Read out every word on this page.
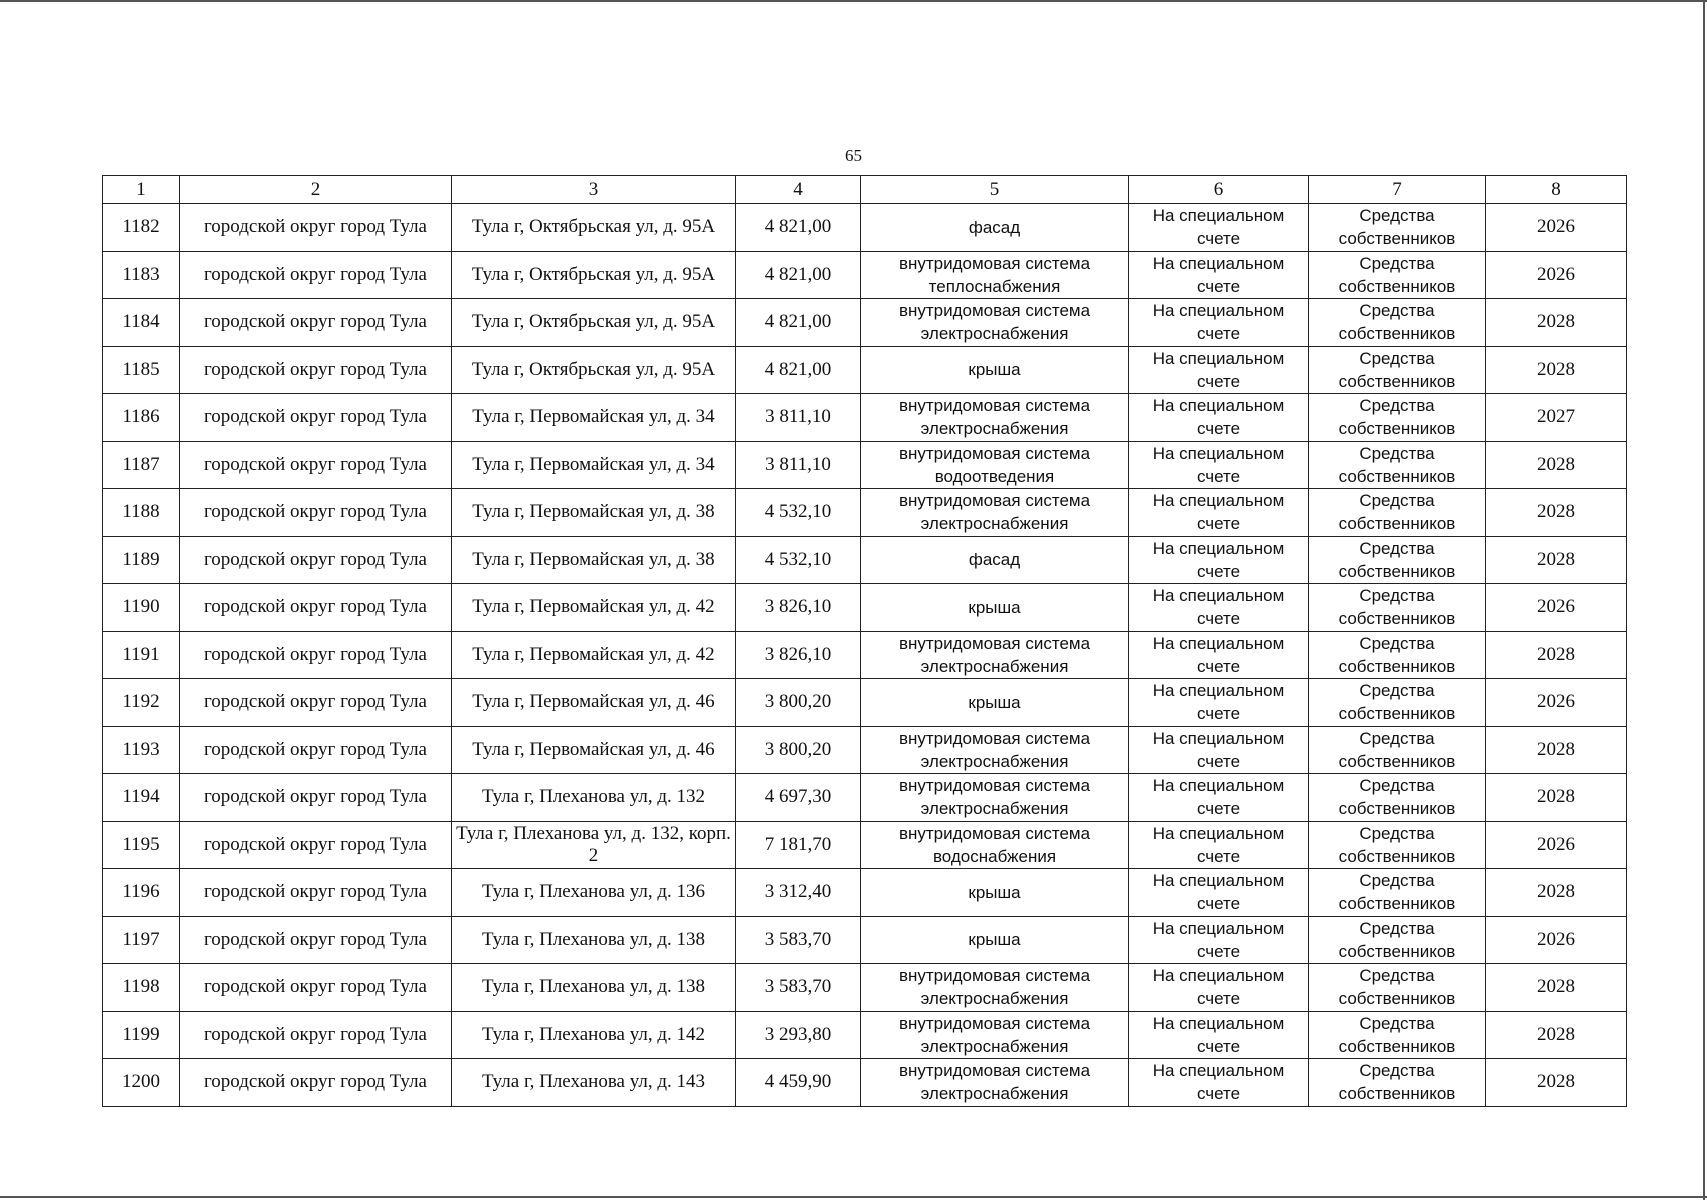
65
1	2	3	4	5	6	7	8
1182	городской округ город Тула	Тула г, Октябрьская ул, д. 95А	4 821,00	фасад	На специальном счете	Средства собственников	2026
1183	городской округ город Тула	Тула г, Октябрьская ул, д. 95А	4 821,00	внутридомовая система теплоснабжения	На специальном счете	Средства собственников	2026
1184	городской округ город Тула	Тула г, Октябрьская ул, д. 95А	4 821,00	внутридомовая система электроснабжения	На специальном счете	Средства собственников	2028
1185	городской округ город Тула	Тула г, Октябрьская ул, д. 95А	4 821,00	крыша	На специальном счете	Средства собственников	2028
1186	городской округ город Тула	Тула г, Первомайская ул, д. 34	3 811,10	внутридомовая система электроснабжения	На специальном счете	Средства собственников	2027
1187	городской округ город Тула	Тула г, Первомайская ул, д. 34	3 811,10	внутридомовая система водоотведения	На специальном счете	Средства собственников	2028
1188	городской округ город Тула	Тула г, Первомайская ул, д. 38	4 532,10	внутридомовая система электроснабжения	На специальном счете	Средства собственников	2028
1189	городской округ город Тула	Тула г, Первомайская ул, д. 38	4 532,10	фасад	На специальном счете	Средства собственников	2028
1190	городской округ город Тула	Тула г, Первомайская ул, д. 42	3 826,10	крыша	На специальном счете	Средства собственников	2026
1191	городской округ город Тула	Тула г, Первомайская ул, д. 42	3 826,10	внутридомовая система электроснабжения	На специальном счете	Средства собственников	2028
1192	городской округ город Тула	Тула г, Первомайская ул, д. 46	3 800,20	крыша	На специальном счете	Средства собственников	2026
1193	городской округ город Тула	Тула г, Первомайская ул, д. 46	3 800,20	внутридомовая система электроснабжения	На специальном счете	Средства собственников	2028
1194	городской округ город Тула	Тула г, Плеханова ул, д. 132	4 697,30	внутридомовая система электроснабжения	На специальном счете	Средства собственников	2028
1195	городской округ город Тула	Тула г, Плеханова ул, д. 132, корп. 2	7 181,70	внутридомовая система водоснабжения	На специальном счете	Средства собственников	2026
1196	городской округ город Тула	Тула г, Плеханова ул, д. 136	3 312,40	крыша	На специальном счете	Средства собственников	2028
1197	городской округ город Тула	Тула г, Плеханова ул, д. 138	3 583,70	крыша	На специальном счете	Средства собственников	2026
1198	городской округ город Тула	Тула г, Плеханова ул, д. 138	3 583,70	внутридомовая система электроснабжения	На специальном счете	Средства собственников	2028
1199	городской округ город Тула	Тула г, Плеханова ул, д. 142	3 293,80	внутридомовая система электроснабжения	На специальном счете	Средства собственников	2028
1200	городской округ город Тула	Тула г, Плеханова ул, д. 143	4 459,90	внутридомовая система электроснабжения	На специальном счете	Средства собственников	2028
